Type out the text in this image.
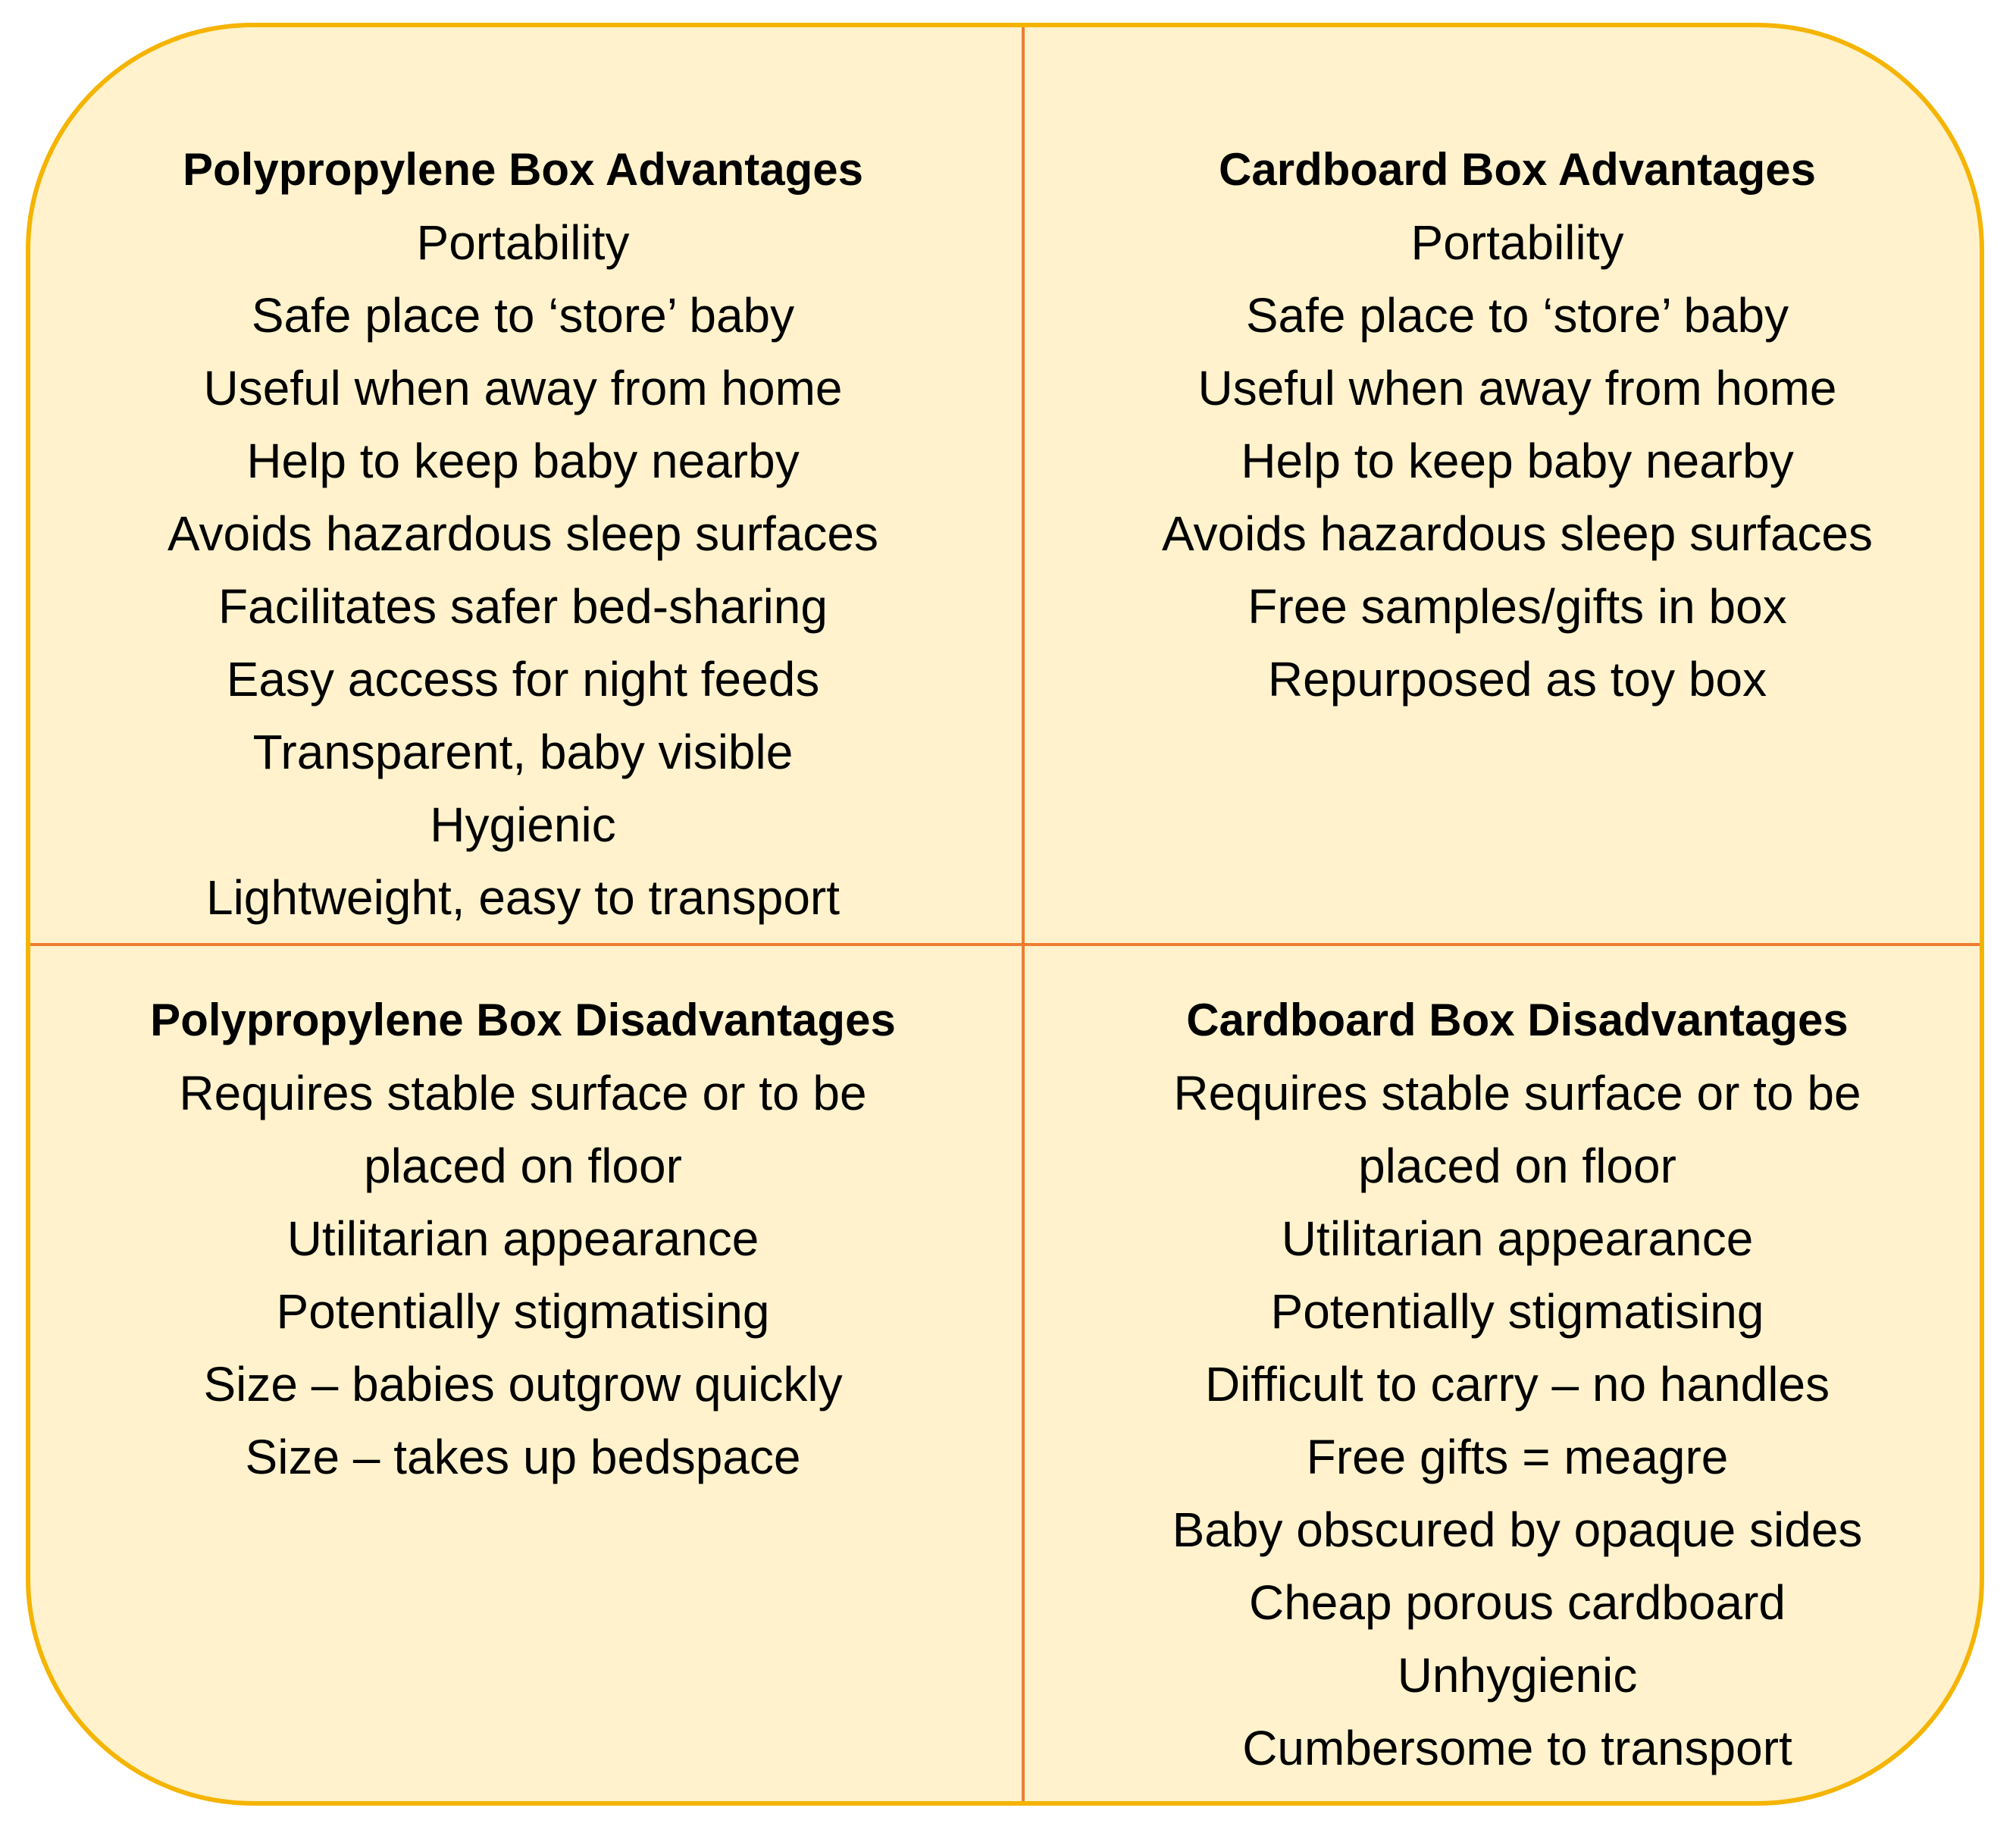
Polypropylene Box Advantages
Portability
Safe place to ‘store’ baby
Useful when away from home
Help to keep baby nearby
Avoids hazardous sleep surfaces
Facilitates safer bed-sharing
Easy access for night feeds
Transparent, baby visible
Hygienic
Lightweight, easy to transport
Cardboard Box Advantages
Portability
Safe place to ‘store’ baby
Useful when away from home
Help to keep baby nearby
Avoids hazardous sleep surfaces
Free samples/gifts in box
Repurposed as toy box
Polypropylene Box Disadvantages
Requires stable surface or to be
placed on floor
Utilitarian appearance
Potentially stigmatising
Size – babies outgrow quickly
Size – takes up bedspace
Cardboard Box Disadvantages
Requires stable surface or to be
placed on floor
Utilitarian appearance
Potentially stigmatising
Difficult to carry – no handles
Free gifts = meagre
Baby obscured by opaque sides
Cheap porous cardboard
Unhygienic
Cumbersome to transport
